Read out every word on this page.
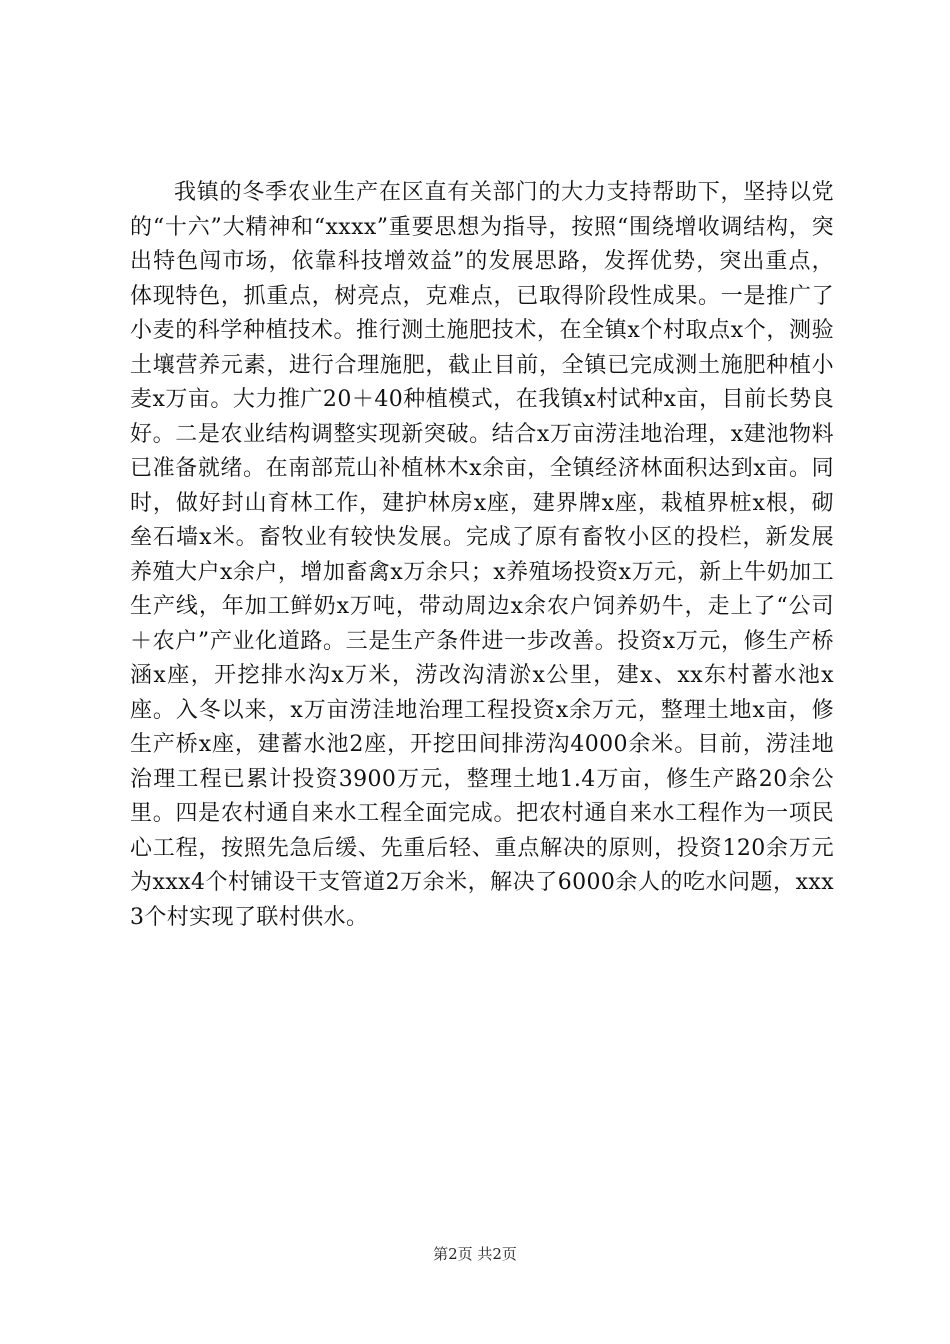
我镇的冬季农业生产在区直有关部门的大力支持帮助下，坚持以党的“十六”大精神和“xxxx”重要思想为指导，按照“围绕增收调结构，突出特色闯市场，依靠科技增效益”的发展思路，发挥优势，突出重点，体现特色，抓重点，树亮点，克难点，已取得阶段性成果。一是推广了小麦的科学种植技术。推行测土施肥技术，在全镇x个村取点x个，测验土壤营养元素，进行合理施肥，截止目前，全镇已完成测土施肥种植小麦x万亩。大力推广20＋40种植模式，在我镇x村试种x亩，目前长势良好。二是农业结构调整实现新突破。结合x万亩涝洼地治理，x建池物料已准备就绪。在南部荒山补植林木x余亩，全镇经济林面积达到x亩。同时，做好封山育林工作，建护林房x座，建界牌x座，栽植界桩x根，砌垒石墙x米。畜牧业有较快发展。完成了原有畜牧小区的投栏，新发展养殖大户x余户，增加畜禽x万余只；x养殖场投资x万元，新上牛奶加工生产线，年加工鲜奶x万吨，带动周边x余农户饲养奶牛，走上了“公司＋农户”产业化道路。三是生产条件进一步改善。投资x万元，修生产桥涵x座，开挖排水沟x万米，涝改沟清淤x公里，建x、xx东村蓄水池x座。入冬以来，x万亩涝洼地治理工程投资x余万元，整理土地x亩，修生产桥x座，建蓄水池2座，开挖田间排涝沟4000余米。目前，涝洼地治理工程已累计投资3900万元，整理土地1.4万亩，修生产路20余公里。四是农村通自来水工程全面完成。把农村通自来水工程作为一项民心工程，按照先急后缓、先重后轻、重点解决的原则，投资120余万元为xxx4个村铺设干支管道2万余米，解决了6000余人的吃水问题，xxx3个村实现了联村供水。

第2页 共2页
